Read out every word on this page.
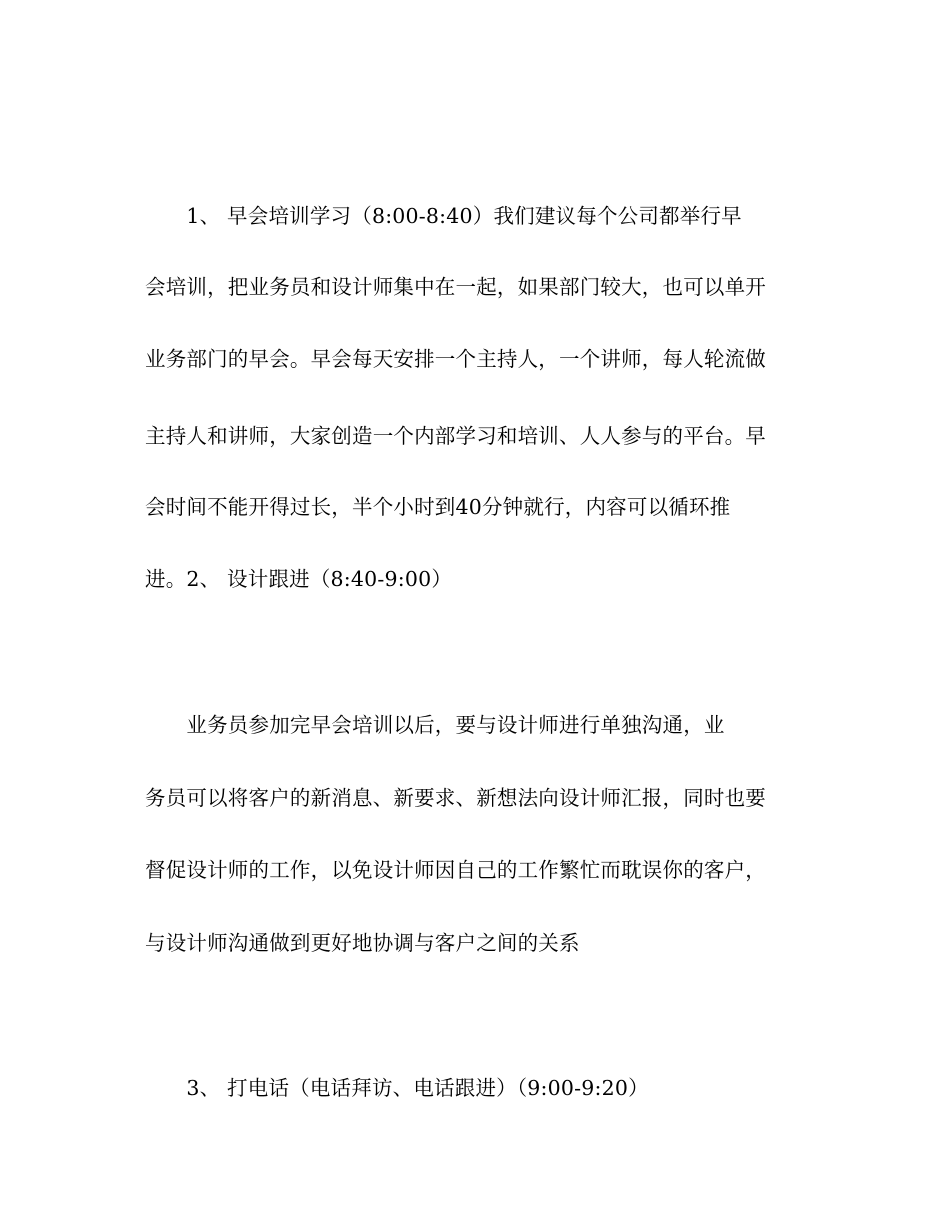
　　1、 早会培训学习（8:00-8:40）我们建议每个公司都举行早
会培训，把业务员和设计师集中在一起，如果部门较大，也可以单开
业务部门的早会。早会每天安排一个主持人，一个讲师，每人轮流做
主持人和讲师，大家创造一个内部学习和培训、人人参与的平台。早
会时间不能开得过长，半个小时到40分钟就行，内容可以循环推
进。2、 设计跟进（8:40-9:00）
　　业务员参加完早会培训以后，要与设计师进行单独沟通，业
务员可以将客户的新消息、新要求、新想法向设计师汇报，同时也要
督促设计师的工作，以免设计师因自己的工作繁忙而耽误你的客户，
与设计师沟通做到更好地协调与客户之间的关系
　　3、 打电话（电话拜访、电话跟进）（9:00-9:20）
